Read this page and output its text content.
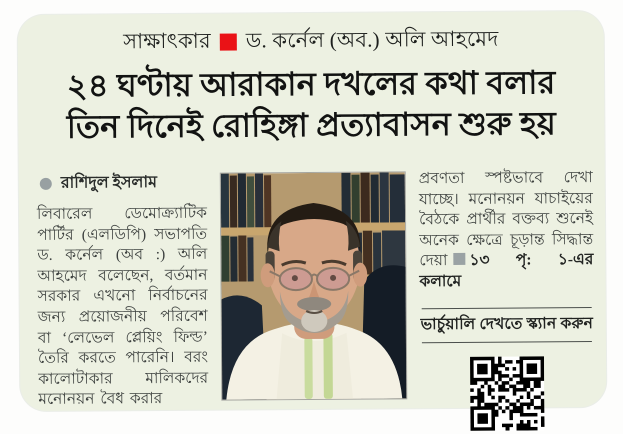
সাক্ষাৎকার ড. কর্নেল (অব.) অলি আহমেদ
২৪ ঘণ্টায় আরাকান দখলের কথা বলার
তিন দিনেই রোহিঙ্গা প্রত্যাবাসন শুরু হয়
রাশিদুল ইসলাম

লিবারেল ডেমোক্র্যাটিক পার্টির (এলডিপি) সভাপতি ড. কর্নেল (অব :) অলি আহমেদ বলেছেন, বর্তমান সরকার এখনো নির্বাচনের জন্য প্রয়োজনীয় পরিবেশ বা ‘লেভেল প্লেয়িং ফিল্ড’ তৈরি করতে পারেনি। বরং কালোটাকার মালিকদের মনোনয়ন বৈধ করার

প্রবণতা স্পষ্টভাবে দেখা যাচ্ছে। মনোনয়ন যাচাইয়ের বৈঠকে প্রার্থীর বক্তব্য শুনেই অনেক ক্ষেত্রে চূড়ান্ত সিদ্ধান্ত দেয়া ১৩ পৃ: ১-এর কলামে

ভার্চুয়ালি দেখতে স্ক্যান করুন
